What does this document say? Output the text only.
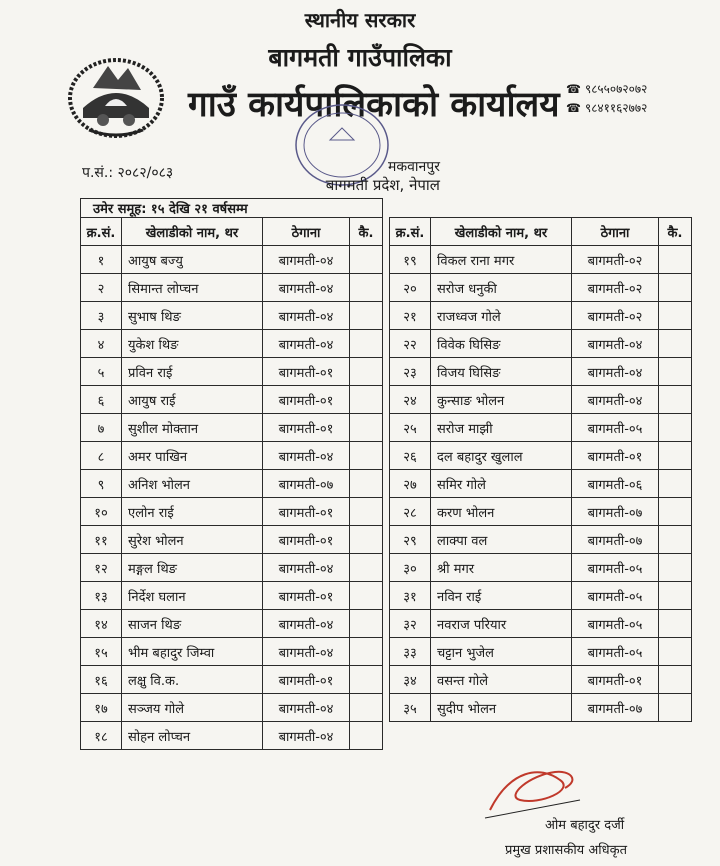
स्थानीय सरकार
बागमती गाउँपालिका
गाउँ कार्यपालिकाको कार्यालय ☎ ९८५५०७२०७२
☎ ९८४११६२७७२
मकवानपुर
बागमती प्रदेश, नेपाल
प.सं.: २०८२/०८३
उमेर समूह: १५ देखि २१ वर्षसम्म			
क्र.सं.	खेलाडीको नाम, थर	ठेगाना	कै.
१	आयुष बज्यु	बागमती-०४	
२	सिमान्त लोप्चन	बागमती-०४	
३	सुभाष थिङ	बागमती-०४	
४	युकेश थिङ	बागमती-०४	
५	प्रविन राई	बागमती-०१	
६	आयुष राई	बागमती-०१	
७	सुशील मोक्तान	बागमती-०१	
८	अमर पाखिन	बागमती-०४	
९	अनिश भोलन	बागमती-०७	
१०	एलोन राई	बागमती-०१	
११	सुरेश भोलन	बागमती-०१	
१२	मङ्गल थिङ	बागमती-०४	
१३	निर्देश घलान	बागमती-०१	
१४	साजन थिङ	बागमती-०४	
१५	भीम बहादुर जिम्वा	बागमती-०४	
१६	लक्षु वि.क.	बागमती-०१	
१७	सञ्जय गोले	बागमती-०४	
१८	सोहन लोप्चन	बागमती-०४	
क्र.सं.	खेलाडीको नाम, थर	ठेगाना	कै.
१९	विकल राना मगर	बागमती-०२	
२०	सरोज धनुकी	बागमती-०२	
२१	राजध्वज गोले	बागमती-०२	
२२	विवेक घिसिङ	बागमती-०४	
२३	विजय घिसिङ	बागमती-०४	
२४	कुन्साङ भोलन	बागमती-०४	
२५	सरोज माझी	बागमती-०५	
२६	दल बहादुर खुलाल	बागमती-०१	
२७	समिर गोले	बागमती-०६	
२८	करण भोलन	बागमती-०७	
२९	लाक्पा वल	बागमती-०७	
३०	श्री मगर	बागमती-०५	
३१	नविन राई	बागमती-०५	
३२	नवराज परियार	बागमती-०५	
३३	चट्टान भुजेल	बागमती-०५	
३४	वसन्त गोले	बागमती-०१	
३५	सुदीप भोलन	बागमती-०७	
ओम बहादुर दर्जी
प्रमुख प्रशासकीय अधिकृत
